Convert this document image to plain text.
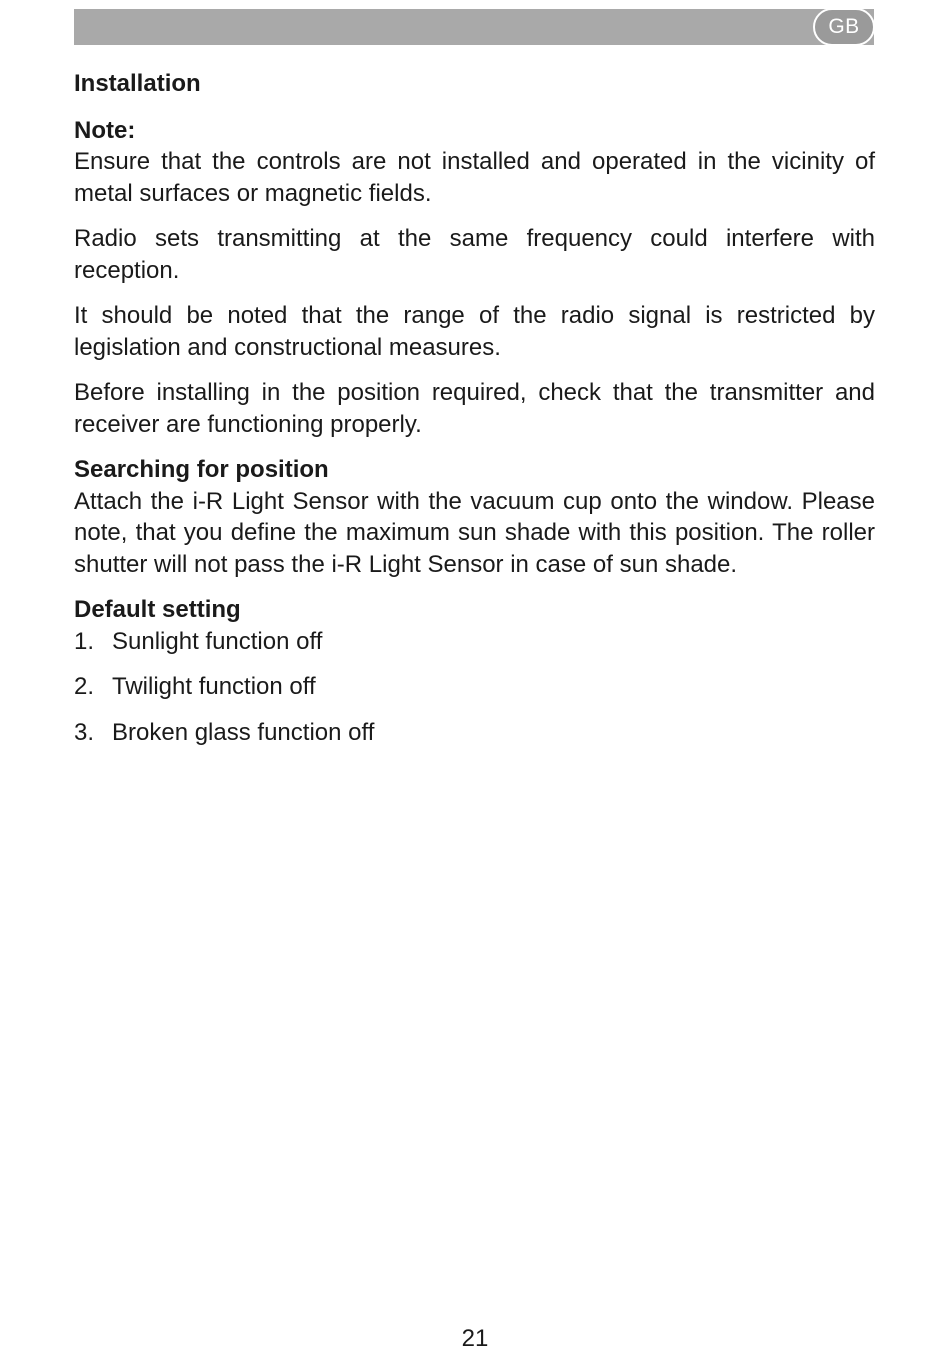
GB
Installation
Note:

Ensure that the controls are not installed and operated in the vicinity of metal surfaces or magnetic fields.

Radio sets transmitting at the same frequency could interfere with reception.

It should be noted that the range of the radio signal is restricted by legislation and constructional measures.

Before installing in the position required, check that the transmitter and receiver are functioning properly.

Searching for position

Attach the i-R Light Sensor with the vacuum cup onto the window. Please note, that you define the maximum sun shade with this position. The roller shutter will not pass the i-R Light Sensor in case of sun shade.

Default setting
1. Sunlight function off
2. Twilight function off
3. Broken glass function off
21
